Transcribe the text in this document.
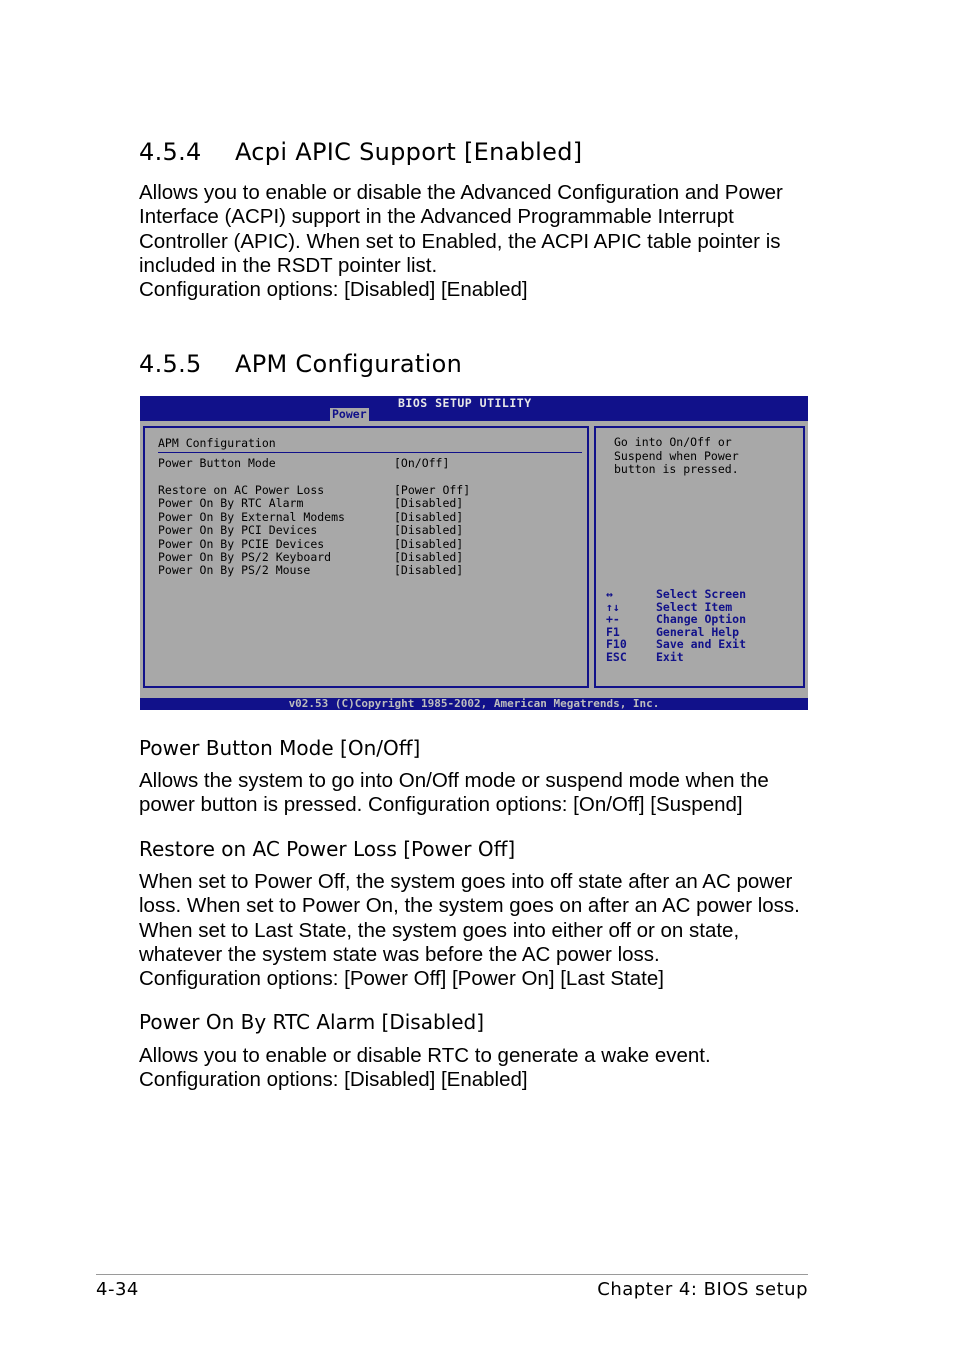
4.5.4 Acpi APIC Support [Enabled]
Allows you to enable or disable the Advanced Configuration and Power
Interface (ACPI) support in the Advanced Programmable Interrupt
Controller (APIC). When set to Enabled, the ACPI APIC table pointer is
included in the RSDT pointer list.
Configuration options: [Disabled] [Enabled]
4.5.5 APM Configuration
BIOS SETUP UTILITY
Power
APM Configuration
Power Button Mode	[On/Off]
Restore on AC Power Loss	[Power Off]
Power On By RTC Alarm	[Disabled]
Power On By External Modems	[Disabled]
Power On By PCI Devices	[Disabled]
Power On By PCIE Devices	[Disabled]
Power On By PS/2 Keyboard	[Disabled]
Power On By PS/2 Mouse	[Disabled]
Go into On/Off or
Suspend when Power
button is pressed.
↔	Select Screen
↑↓	Select Item
+-	Change Option
F1	General Help
F10	Save and Exit
ESC	Exit
v02.53 (C)Copyright 1985-2002, American Megatrends, Inc.
Power Button Mode [On/Off]
Allows the system to go into On/Off mode or suspend mode when the
power button is pressed. Configuration options: [On/Off] [Suspend]
Restore on AC Power Loss [Power Off]
When set to Power Off, the system goes into off state after an AC power
loss. When set to Power On, the system goes on after an AC power loss.
When set to Last State, the system goes into either off or on state,
whatever the system state was before the AC power loss.
Configuration options: [Power Off] [Power On] [Last State]
Power On By RTC Alarm [Disabled]
Allows you to enable or disable RTC to generate a wake event.
Configuration options: [Disabled] [Enabled]
4-34	Chapter 4: BIOS setup
